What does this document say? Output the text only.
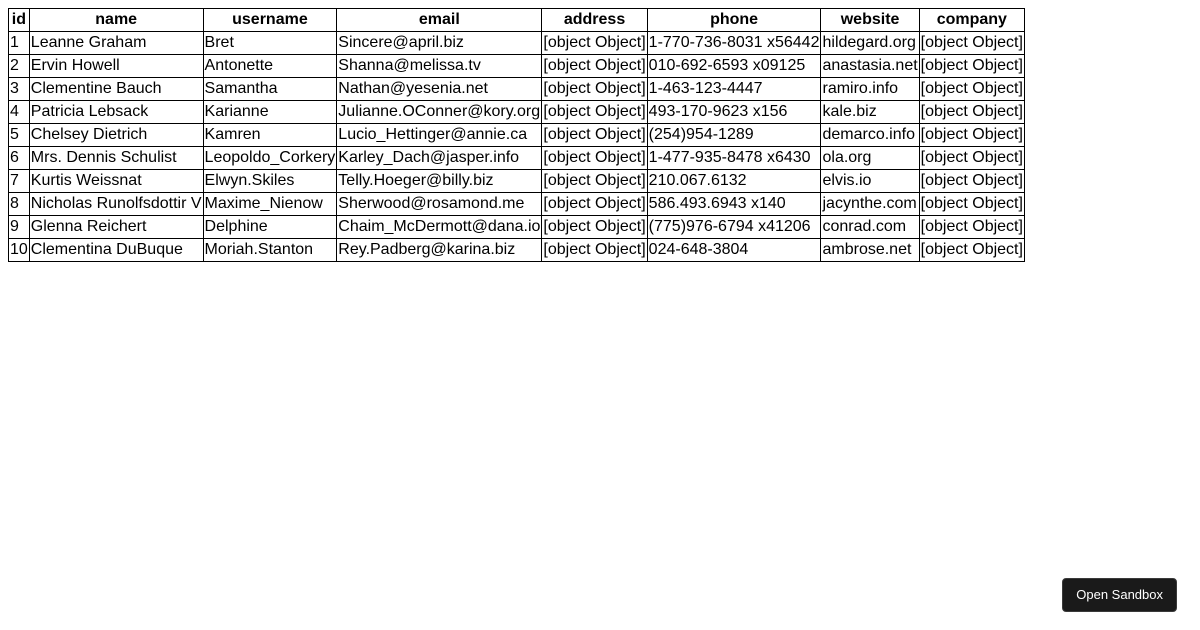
id	name	username	email	address	phone	website	company
1	Leanne Graham	Bret	Sincere@april.biz	[object Object]	1-770-736-8031 x56442	hildegard.org	[object Object]
2	Ervin Howell	Antonette	Shanna@melissa.tv	[object Object]	010-692-6593 x09125	anastasia.net	[object Object]
3	Clementine Bauch	Samantha	Nathan@yesenia.net	[object Object]	1-463-123-4447	ramiro.info	[object Object]
4	Patricia Lebsack	Karianne	Julianne.OConner@kory.org	[object Object]	493-170-9623 x156	kale.biz	[object Object]
5	Chelsey Dietrich	Kamren	Lucio_Hettinger@annie.ca	[object Object]	(254)954-1289	demarco.info	[object Object]
6	Mrs. Dennis Schulist	Leopoldo_Corkery	Karley_Dach@jasper.info	[object Object]	1-477-935-8478 x6430	ola.org	[object Object]
7	Kurtis Weissnat	Elwyn.Skiles	Telly.Hoeger@billy.biz	[object Object]	210.067.6132	elvis.io	[object Object]
8	Nicholas Runolfsdottir V	Maxime_Nienow	Sherwood@rosamond.me	[object Object]	586.493.6943 x140	jacynthe.com	[object Object]
9	Glenna Reichert	Delphine	Chaim_McDermott@dana.io	[object Object]	(775)976-6794 x41206	conrad.com	[object Object]
10	Clementina DuBuque	Moriah.Stanton	Rey.Padberg@karina.biz	[object Object]	024-648-3804	ambrose.net	[object Object]
Open Sandbox
